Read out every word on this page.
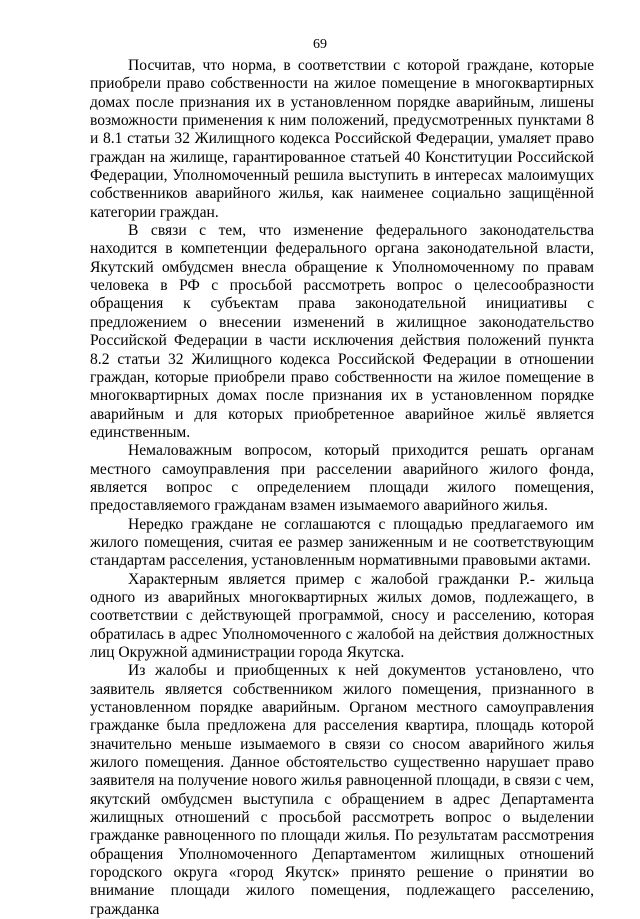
69

Посчитав, что норма, в соответствии с которой граждане, которые приобрели право собственности на жилое помещение в многоквартирных домах после признания их в установленном порядке аварийным, лишены возможности применения к ним положений, предусмотренных пунктами 8 и 8.1 статьи 32 Жилищного кодекса Российской Федерации, умаляет право граждан на жилище, гарантированное статьей 40 Конституции Российской Федерации, Уполномоченный решила выступить в интересах малоимущих собственников аварийного жилья, как наименее социально защищённой категории граждан.

В связи с тем, что изменение федерального законодательства находится в компетенции федерального органа законодательной власти, Якутский омбудсмен внесла обращение к Уполномоченному по правам человека в РФ с просьбой рассмотреть вопрос о целесообразности обращения к субъектам права законодательной инициативы с предложением о внесении изменений в жилищное законодательство Российской Федерации в части исключения действия положений пункта 8.2 статьи 32 Жилищного кодекса Российской Федерации в отношении граждан, которые приобрели право собственности на жилое помещение в многоквартирных домах после признания их в установленном порядке аварийным и для которых приобретенное аварийное жильё является единственным.

Немаловажным вопросом, который приходится решать органам местного самоуправления при расселении аварийного жилого фонда, является вопрос с определением площади жилого помещения, предоставляемого гражданам взамен изымаемого аварийного жилья.

Нередко граждане не соглашаются с площадью предлагаемого им жилого помещения, считая ее размер заниженным и не соответствующим стандартам расселения, установленным нормативными правовыми актами.

Характерным является пример с жалобой гражданки Р.- жильца одного из аварийных многоквартирных жилых домов, подлежащего, в соответствии с действующей программой, сносу и расселению, которая обратилась в адрес Уполномоченного с жалобой на действия должностных лиц Окружной администрации города Якутска.

Из жалобы и приобщенных к ней документов установлено, что заявитель является собственником жилого помещения, признанного в установленном порядке аварийным. Органом местного самоуправления гражданке была предложена для расселения квартира, площадь которой значительно меньше изымаемого в связи со сносом аварийного жилья жилого помещения. Данное обстоятельство существенно нарушает право заявителя на получение нового жилья равноценной площади, в связи с чем, якутский омбудсмен выступила с обращением в адрес Департамента жилищных отношений с просьбой рассмотреть вопрос о выделении гражданке равноценного по площади жилья. По результатам рассмотрения обращения Уполномоченного Департаментом жилищных отношений городского округа «город Якутск» принято решение о принятии во внимание площади жилого помещения, подлежащего расселению, гражданка
